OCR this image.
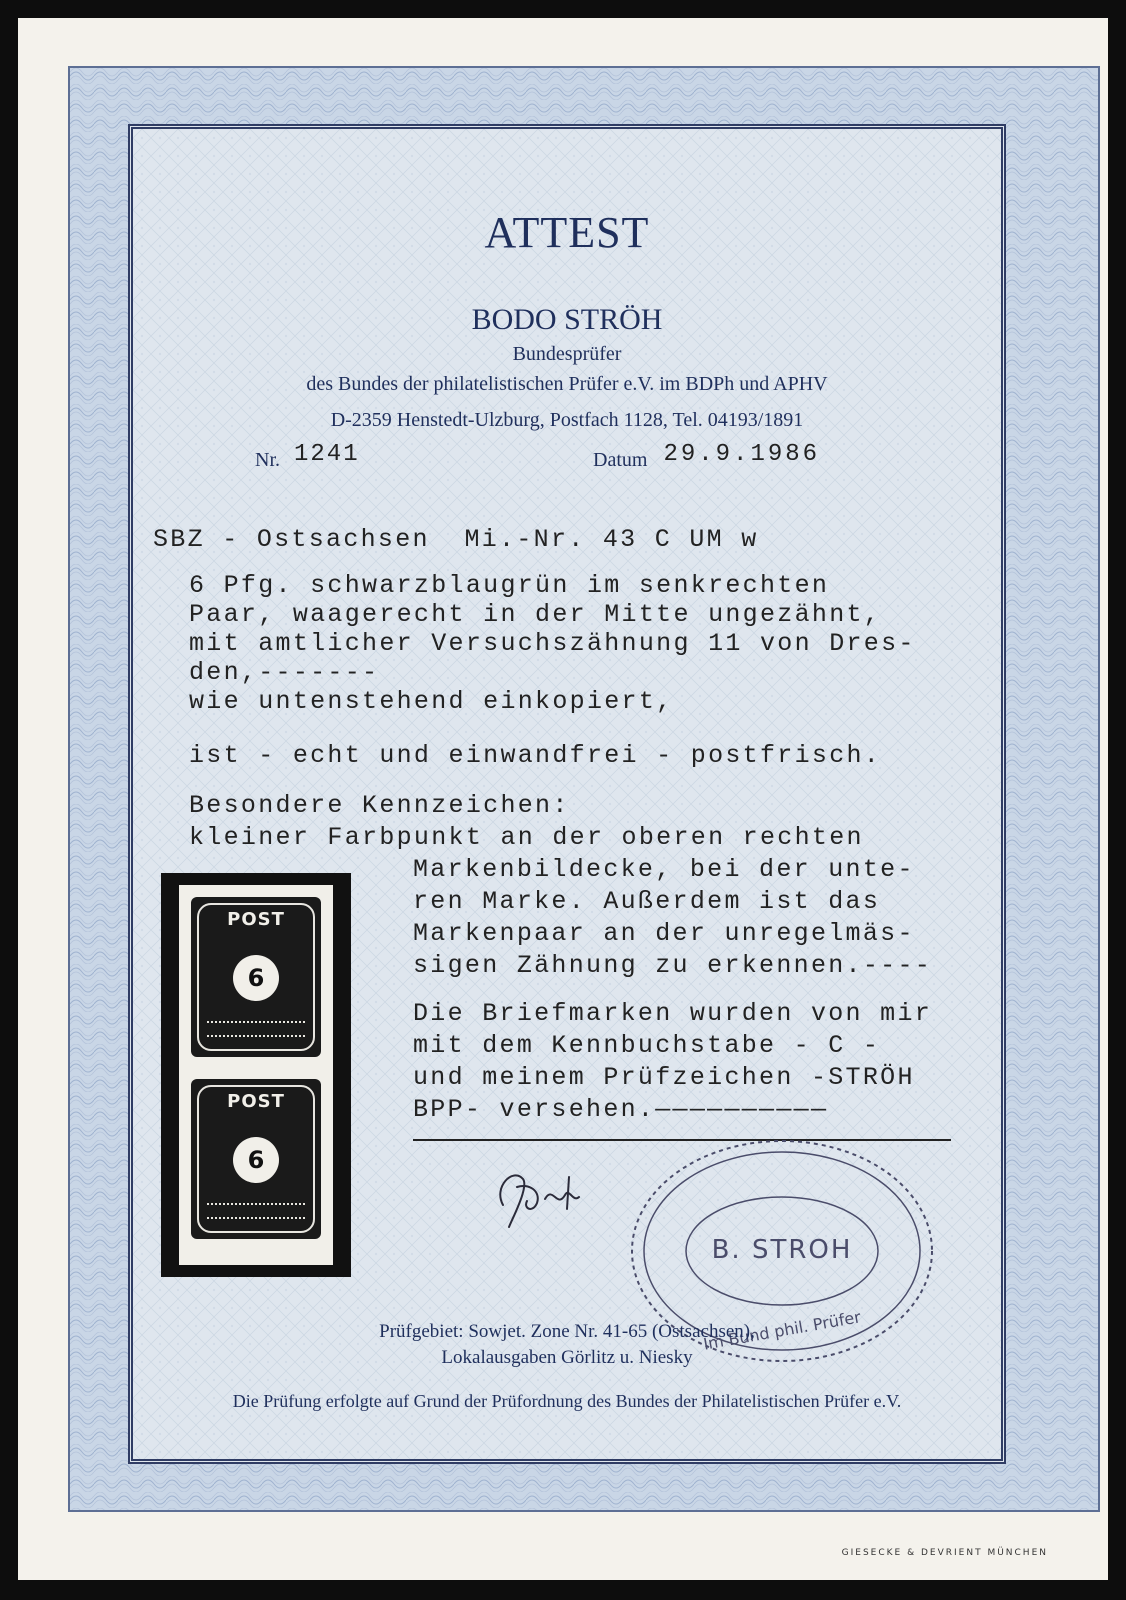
ATTEST
BODO STRÖH
Bundesprüfer
des Bundes der philatelistischen Prüfer e.V. im BDPh und APHV
D-2359 Henstedt-Ulzburg, Postfach 1128, Tel. 04193/1891
Nr. 1241	Datum 29.9.1986
SBZ - Ostsachsen  Mi.-Nr. 43 C UM w
6 Pfg. schwarzblaugrün im senkrechten
Paar, waagerecht in der Mitte ungezähnt,
mit amtlicher Versuchszähnung 11 von Dres-
den,-------
wie untenstehend einkopiert,
ist - echt und einwandfrei - postfrisch.
Besondere Kennzeichen:
kleiner Farbpunkt an der oberen rechten
Markenbildecke, bei der unte-
ren Marke. Außerdem ist das
Markenpaar an der unregelmäs-
sigen Zähnung zu erkennen.----
Die Briefmarken wurden von mir
mit dem Kennbuchstabe - C -
und meinem Prüfzeichen -STRÖH
BPP- versehen.——————————
POST
6
POST
6
B. STROH
Im Bund phil. Prüfer
Prüfgebiet: Sowjet. Zone Nr. 41-65 (Ostsachsen),
Lokalausgaben Görlitz u. Niesky
Die Prüfung erfolgte auf Grund der Prüfordnung des Bundes der Philatelistischen Prüfer e.V.
GIESECKE & DEVRIENT MÜNCHEN
